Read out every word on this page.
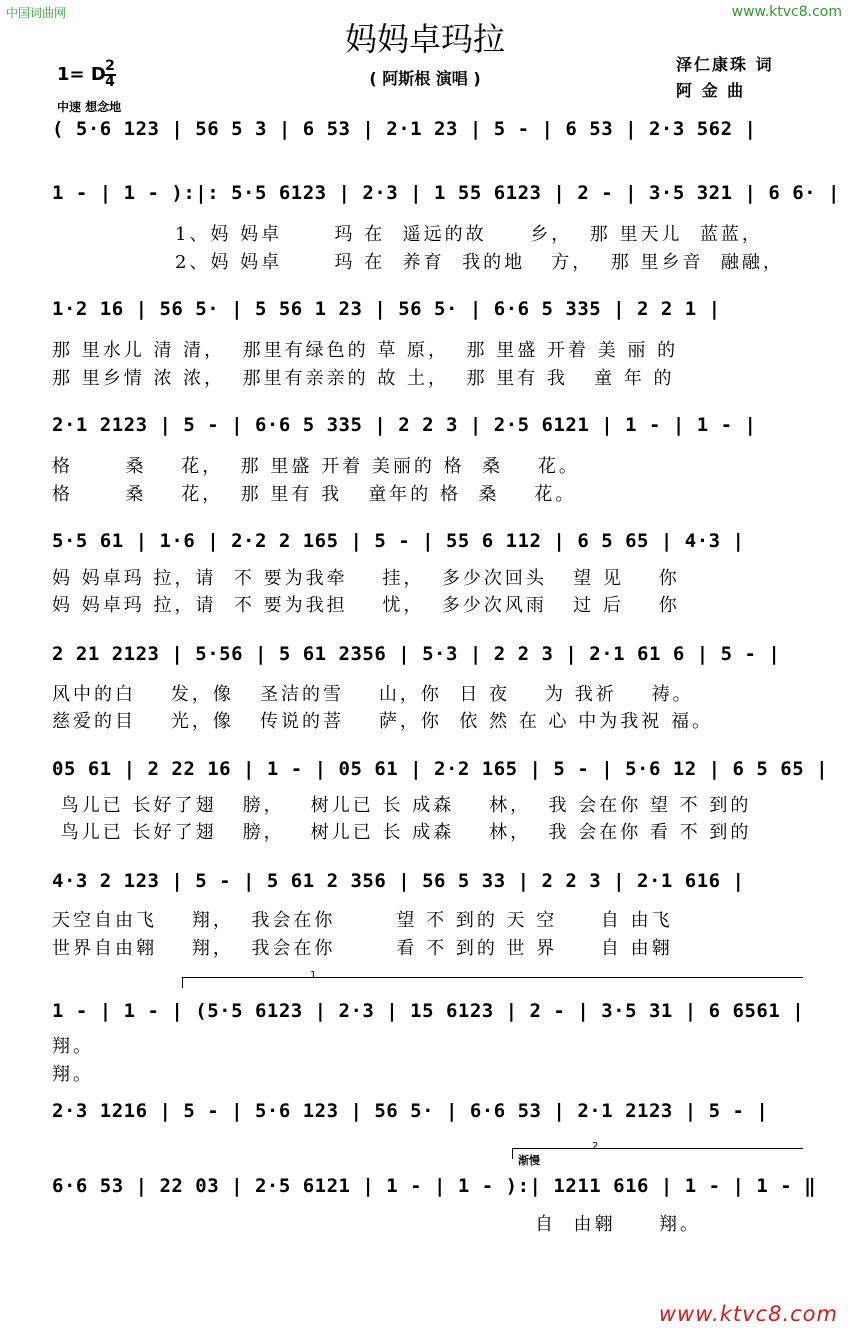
中国词曲网	www.ktvc8.com
妈妈卓玛拉
( 阿斯根 演唱 )
泽仁康珠 词
阿 金 曲
1= D 2
4
中速 想念地
( 5·6 123 | 56 5 3 | 6 53 | 2·1 23 | 5 - | 6 53 | 2·3 562 |
1 - | 1 - ):|: 5·5 6123 | 2·3 | 1 55 6123 | 2 - | 3·5 321 | 6 6· |
1、妈 妈卓      玛 在  遥远的故     乡，  那 里天儿  蓝蓝，
2、妈 妈卓      玛 在  养育  我的地   方，  那 里乡音  融融，
1·2 16 | 56 5· | 5 56 1 23 | 56 5· | 6·6 5 335 | 2 2 1 |
那 里水儿 清 清，  那里有绿色的 草 原，  那 里盛 开着 美 丽 的
那 里乡情 浓 浓，  那里有亲亲的 故 土，  那 里有 我   童 年 的
2·1 2123 | 5 - | 6·6 5 335 | 2 2 3 | 2·5 6121 | 1 - | 1 - |
格      桑    花，  那 里盛 开着 美丽的 格  桑    花。
格      桑    花，  那 里有 我   童年的 格  桑    花。
5·5 61 | 1·6 | 2·2 2 165 | 5 - | 55 6 112 | 6 5 65 | 4·3 |
妈 妈卓玛 拉，请  不 要为我牵    挂，  多少次回头   望 见    你
妈 妈卓玛 拉，请  不 要为我担    忧，  多少次风雨   过 后    你
2 21 2123 | 5·56 | 5 61 2356 | 5·3 | 2 2 3 | 2·1 61 6 | 5 - |
风中的白    发，像   圣洁的雪    山，你  日 夜    为 我祈    祷。
慈爱的目    光，像   传说的菩    萨，你  依 然 在 心 中为我祝 福。
05 61 | 2 22 16 | 1 - | 05 61 | 2·2 165 | 5 - | 5·6 12 | 6 5 65 |
鸟儿已 长好了翅   膀，   树儿已 长 成森    林，  我 会在你 望 不 到的
鸟儿已 长好了翅   膀，   树儿已 长 成森    林，  我 会在你 看 不 到的
4·3 2 123 | 5 - | 5 61 2 356 | 56 5 33 | 2 2 3 | 2·1 616 |
天空自由飞    翔，  我会在你       望 不 到的 天 空     自 由飞
世界自由翱    翔，  我会在你       看 不 到的 世 界     自 由翱
1
1 - | 1 - | (5·5 6123 | 2·3 | 15 6123 | 2 - | 3·5 31 | 6 6561 |
翔。
翔。
2·3 1216 | 5 - | 5·6 123 | 56 5· | 6·6 53 | 2·1 2123 | 5 - |
2
渐慢
6·6 53 | 22 03 | 2·5 6121 | 1 - | 1 - ):| 1211 616 | 1 - | 1 - ‖
自  由翱     翔。
www.ktvc8.com
